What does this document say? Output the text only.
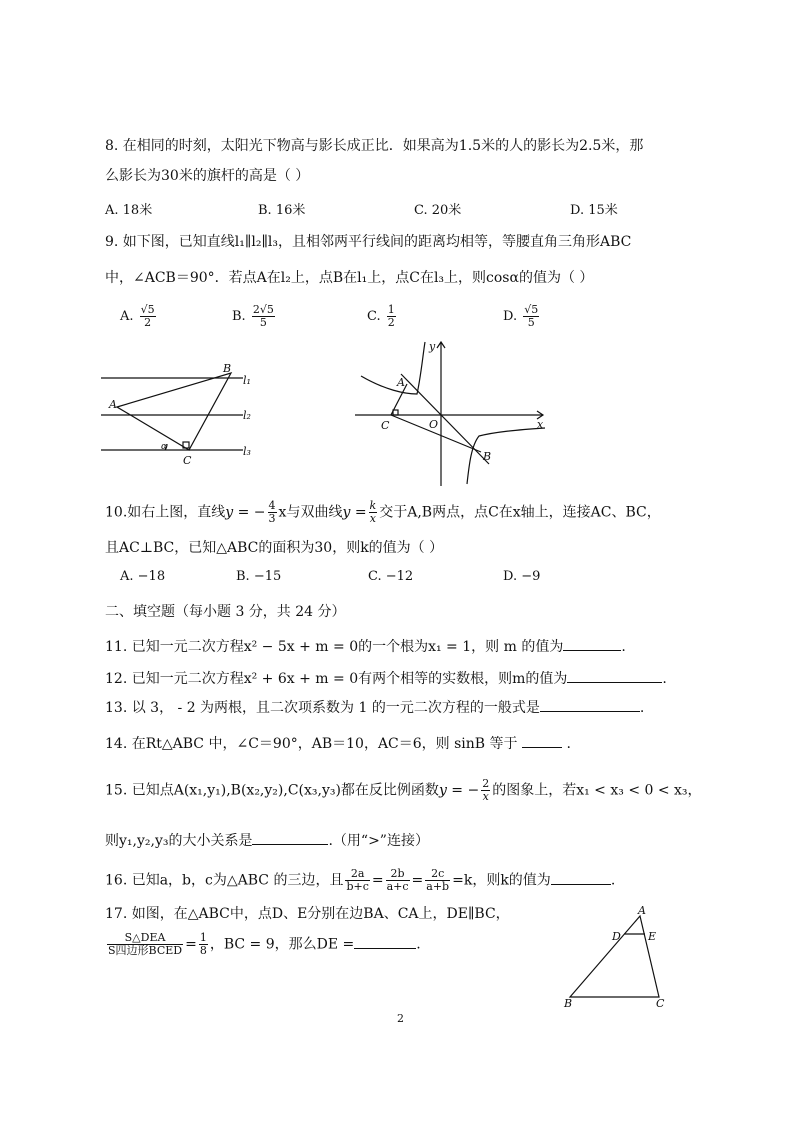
8. 在相同的时刻，太阳光下物高与影长成正比．如果高为1.5米的人的影长为2.5米，那
么影长为30米的旗杆的高是（ ）
A. 18米	B. 16米	C. 20米	D. 15米
9. 如下图，已知直线l₁∥l₂∥l₃，且相邻两平行线间的距离均相等，等腰直角三角形ABC
中，∠ACB＝90°．若点A在l₂上，点B在l₁上，点C在l₃上，则cosα的值为（ ）
A. $\frac{√5}{2}$	B. $\frac{2√5}{5}$	C. $\frac{1}{2}$	D. $\frac{√5}{5}$
B
l₁
A
l₂
α
C
l₃
y
A
C	O
B
x
10.如右上图，直线y = − $\frac{4}{3}$ x与双曲线$y = \frac{k}{x}$ 交于A,B两点，点C在x轴上，连接AC、BC，
且AC⊥BC，已知△ABC的面积为30，则k的值为（ ）
A. −18	B. −15	C. −12	D. −9
二、填空题（每小题 3 分，共 24 分）
11. 已知一元二次方程x² − 5x + m = 0的一个根为x₁ = 1，则 m 的值为	.
12. 已知一元二次方程x² + 6x + m = 0有两个相等的实数根，则m的值为	.
13. 以 3， - 2 为两根，且二次项系数为 1 的一元二次方程的一般式是	.
14. 在Rt△ABC 中，∠C＝90°，AB＝10，AC＝6，则 sinB 等于	.
15. 已知点A(x₁,y₁),B(x₂,y₂),C(x₃,y₃)都在反比例函数y = − $\frac{2}{x}$ 的图象上，若x₁ < x₃ < 0 < x₃，
则y₁,y₂,y₃的大小关系是	.（用“>”连接）
16. 已知a，b，c为△ABC 的三边，且 $\frac{2a}{b+c} = \frac{2b}{a+c} = \frac{2c}{a+b} =k$，则k的值为	.
17. 如图，在△ABC中，点D、E分别在边BA、CA上，DE∥BC，
$\frac{\text{S△DEA}}{\text{S四边形BCED}} = \frac{1}{8}$ ，BC = 9，那么DE =	.
A
D E
B	C
2
